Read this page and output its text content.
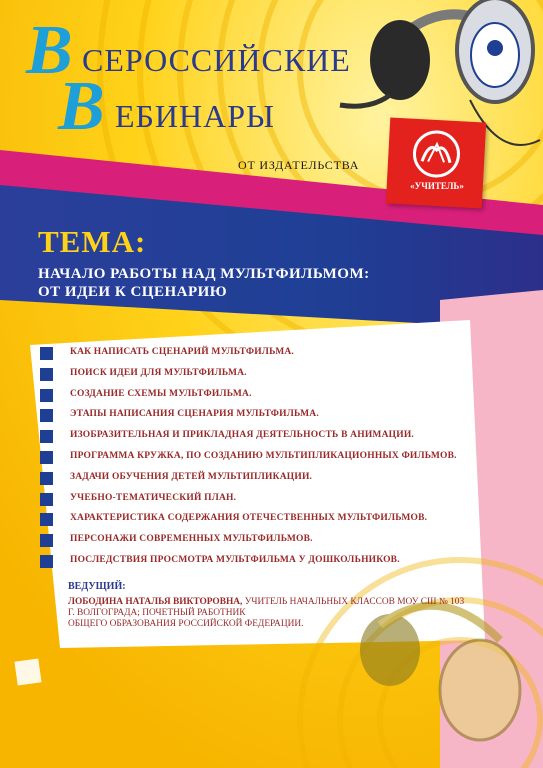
В СЕРОССИЙСКИЕ
В ЕБИНАРЫ
ОТ ИЗДАТЕЛЬСТВА
«УЧИТЕЛЬ»
ТЕМА:
НАЧАЛО РАБОТЫ НАД МУЛЬТФИЛЬМОМ:
ОТ ИДЕИ К СЦЕНАРИЮ
КАК НАПИСАТЬ СЦЕНАРИЙ МУЛЬТФИЛЬМА.
ПОИСК ИДЕИ ДЛЯ МУЛЬТФИЛЬМА.
СОЗДАНИЕ СХЕМЫ МУЛЬТФИЛЬМА.
ЭТАПЫ НАПИСАНИЯ СЦЕНАРИЯ МУЛЬТФИЛЬМА.
ИЗОБРАЗИТЕЛЬНАЯ И ПРИКЛАДНАЯ ДЕЯТЕЛЬНОСТЬ В АНИМАЦИИ.
ПРОГРАММА КРУЖКА, ПО СОЗДАНИЮ МУЛЬТИПЛИКАЦИОННЫХ ФИЛЬМОВ.
ЗАДАЧИ ОБУЧЕНИЯ ДЕТЕЙ МУЛЬТИПЛИКАЦИИ.
УЧЕБНО-ТЕМАТИЧЕСКИЙ ПЛАН.
ХАРАКТЕРИСТИКА СОДЕРЖАНИЯ ОТЕЧЕСТВЕННЫХ МУЛЬТФИЛЬМОВ.
ПЕРСОНАЖИ СОВРЕМЕННЫХ МУЛЬТФИЛЬМОВ.
ПОСЛЕДСТВИЯ ПРОСМОТРА МУЛЬТФИЛЬМА У ДОШКОЛЬНИКОВ.
ВЕДУЩИЙ:
ЛОБОДИНА НАТАЛЬЯ ВИКТОРОВНА, УЧИТЕЛЬ НАЧАЛЬНЫХ КЛАССОВ МОУ СШ № 103
Г. ВОЛГОГРАДА; ПОЧЕТНЫЙ РАБОТНИК
ОБЩЕГО ОБРАЗОВАНИЯ РОССИЙСКОЙ ФЕДЕРАЦИИ.
